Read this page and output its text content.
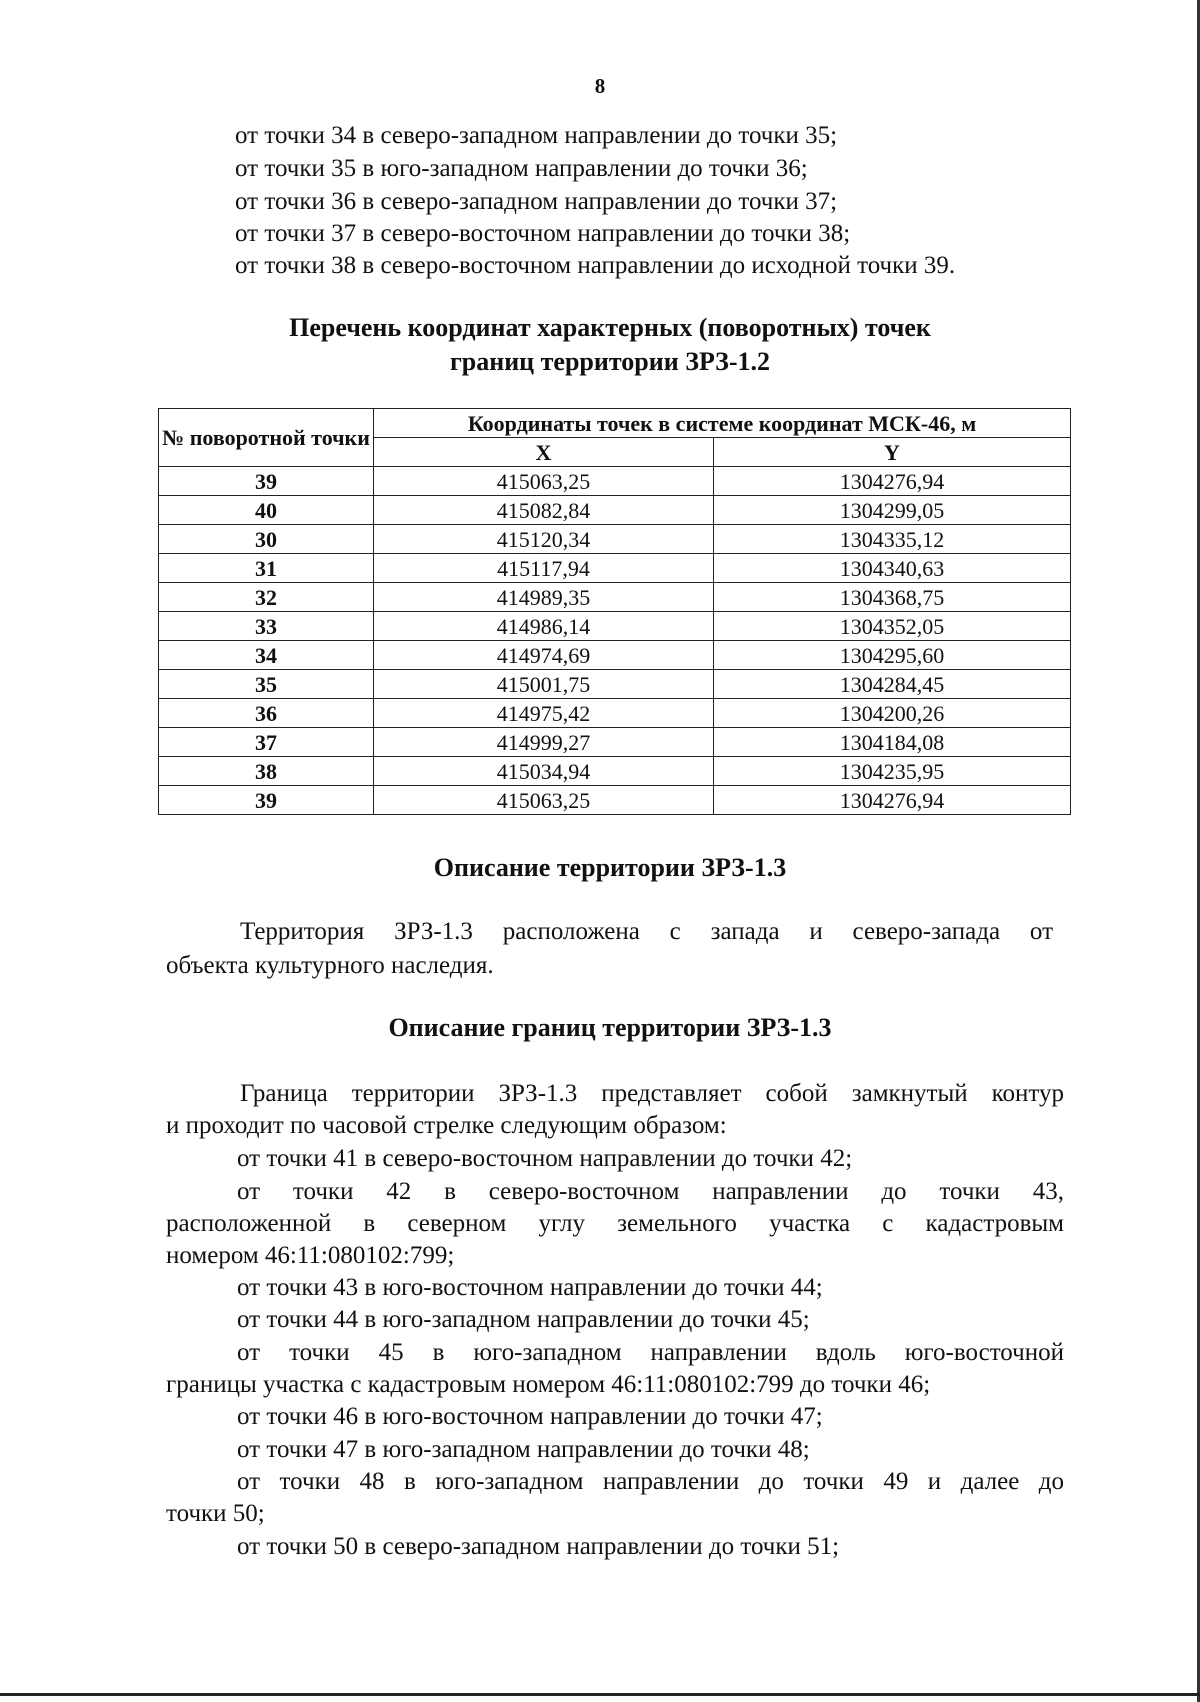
8
от точки 34 в северо-западном направлении до точки 35;
от точки 35 в юго-западном направлении до точки 36;
от точки 36 в северо-западном направлении до точки 37;
от точки 37 в северо-восточном направлении до точки 38;
от точки 38 в северо-восточном направлении до исходной точки 39.
Перечень координат характерных (поворотных) точек
границ территории ЗРЗ-1.2
№ поворотной точки	Координаты точек в системе координат МСК-46, м	
	X	Y
39	415063,25	1304276,94
40	415082,84	1304299,05
30	415120,34	1304335,12
31	415117,94	1304340,63
32	414989,35	1304368,75
33	414986,14	1304352,05
34	414974,69	1304295,60
35	415001,75	1304284,45
36	414975,42	1304200,26
37	414999,27	1304184,08
38	415034,94	1304235,95
39	415063,25	1304276,94
Описание территории ЗРЗ-1.3
Территория ЗРЗ-1.3 расположена с запада и северо-запада от
объекта культурного наследия.
Описание границ территории ЗРЗ-1.3
Граница территории ЗРЗ-1.3 представляет собой замкнутый контур
и проходит по часовой стрелке следующим образом:
от точки 41 в северо-восточном направлении до точки 42;
от точки 42 в северо-восточном направлении до точки 43,
расположенной в северном углу земельного участка с кадастровым
номером 46:11:080102:799;
от точки 43 в юго-восточном направлении до точки 44;
от точки 44 в юго-западном направлении до точки 45;
от точки 45 в юго-западном направлении вдоль юго-восточной
границы участка с кадастровым номером 46:11:080102:799 до точки 46;
от точки 46 в юго-восточном направлении до точки 47;
от точки 47 в юго-западном направлении до точки 48;
от точки 48 в юго-западном направлении до точки 49 и далее до
точки 50;
от точки 50 в северо-западном направлении до точки 51;
